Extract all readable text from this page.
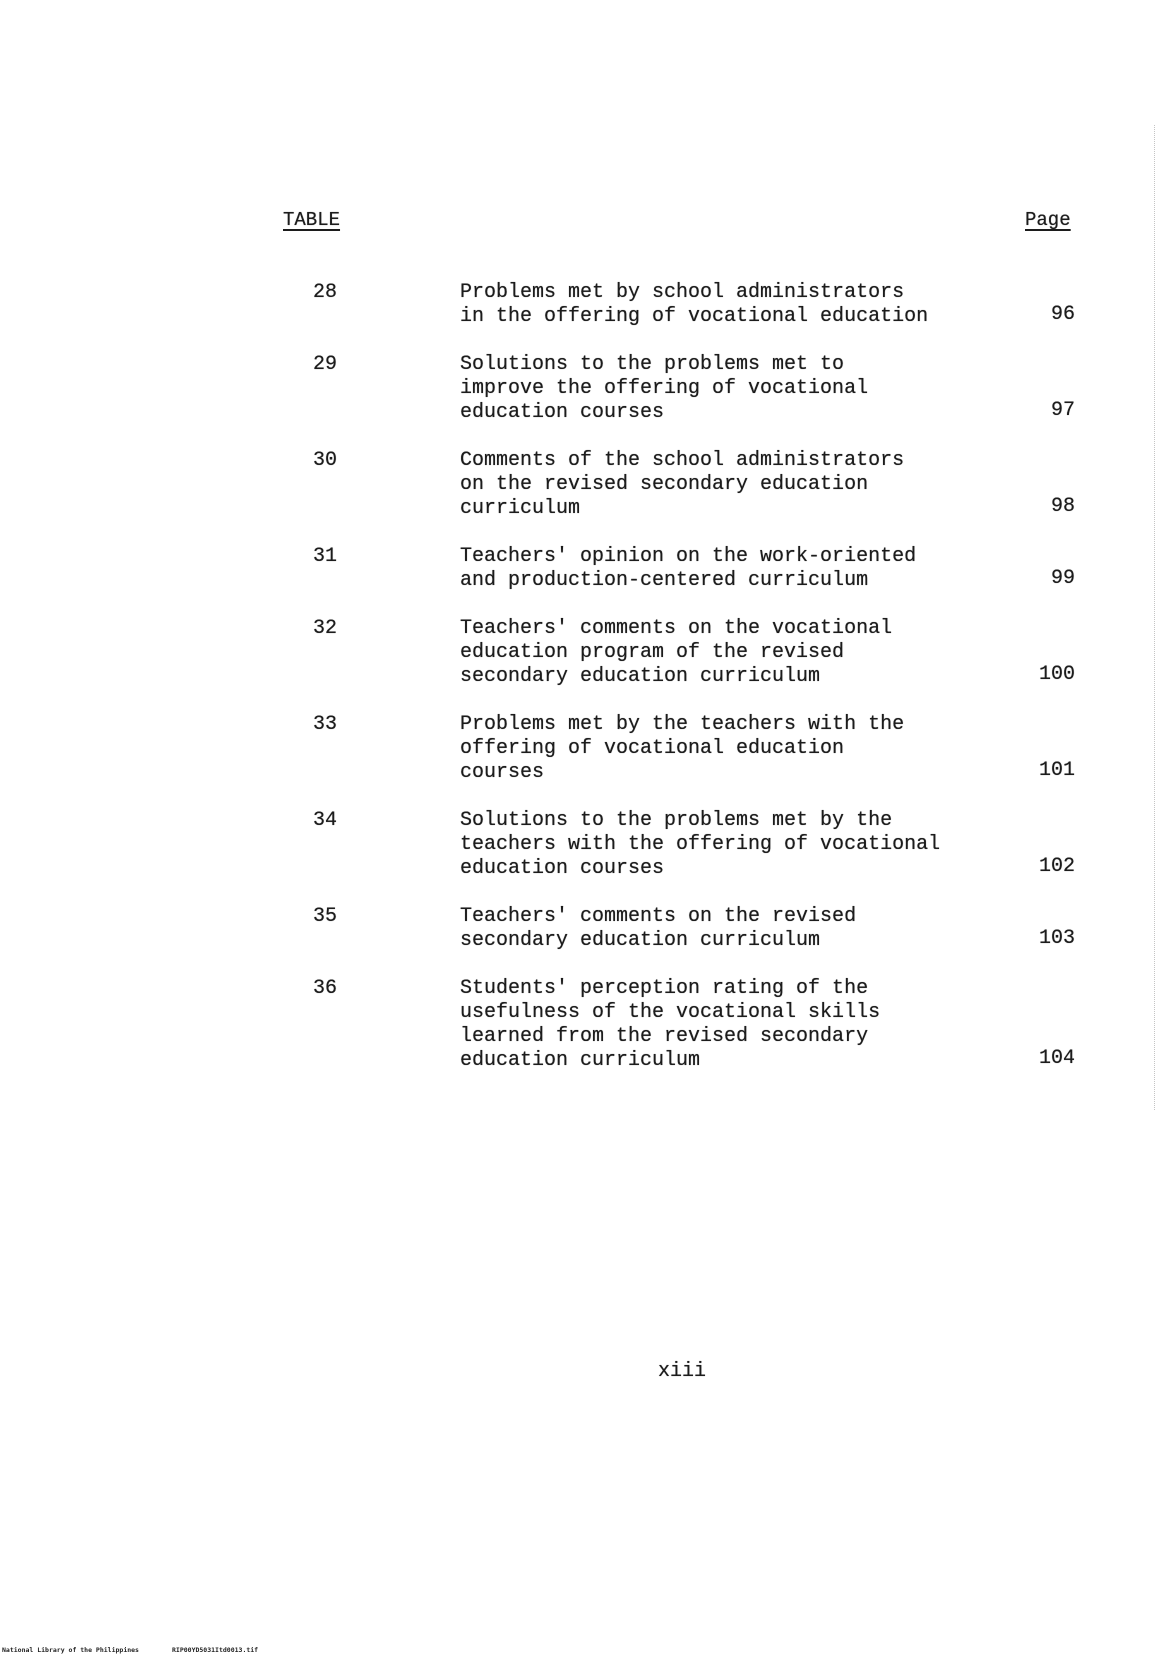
TABLE	Page
28	Problems met by school administrators
in the offering of vocational education	96
29	Solutions to the problems met to
improve the offering of vocational
education courses	97
30	Comments of the school administrators
on the revised secondary education
curriculum	98
31	Teachers' opinion on the work-oriented
and production-centered curriculum	99
32	Teachers' comments on the vocational
education program of the revised
secondary education curriculum	100
33	Problems met by the teachers with the
offering of vocational education
courses	101
34	Solutions to the problems met by the
teachers with the offering of vocational
education courses	102
35	Teachers' comments on the revised
secondary education curriculum	103
36	Students' perception rating of the
usefulness of the vocational skills
learned from the revised secondary
education curriculum	104
xiii
National Library of the Philippines	RIP00YD5031Itd0013.tif
